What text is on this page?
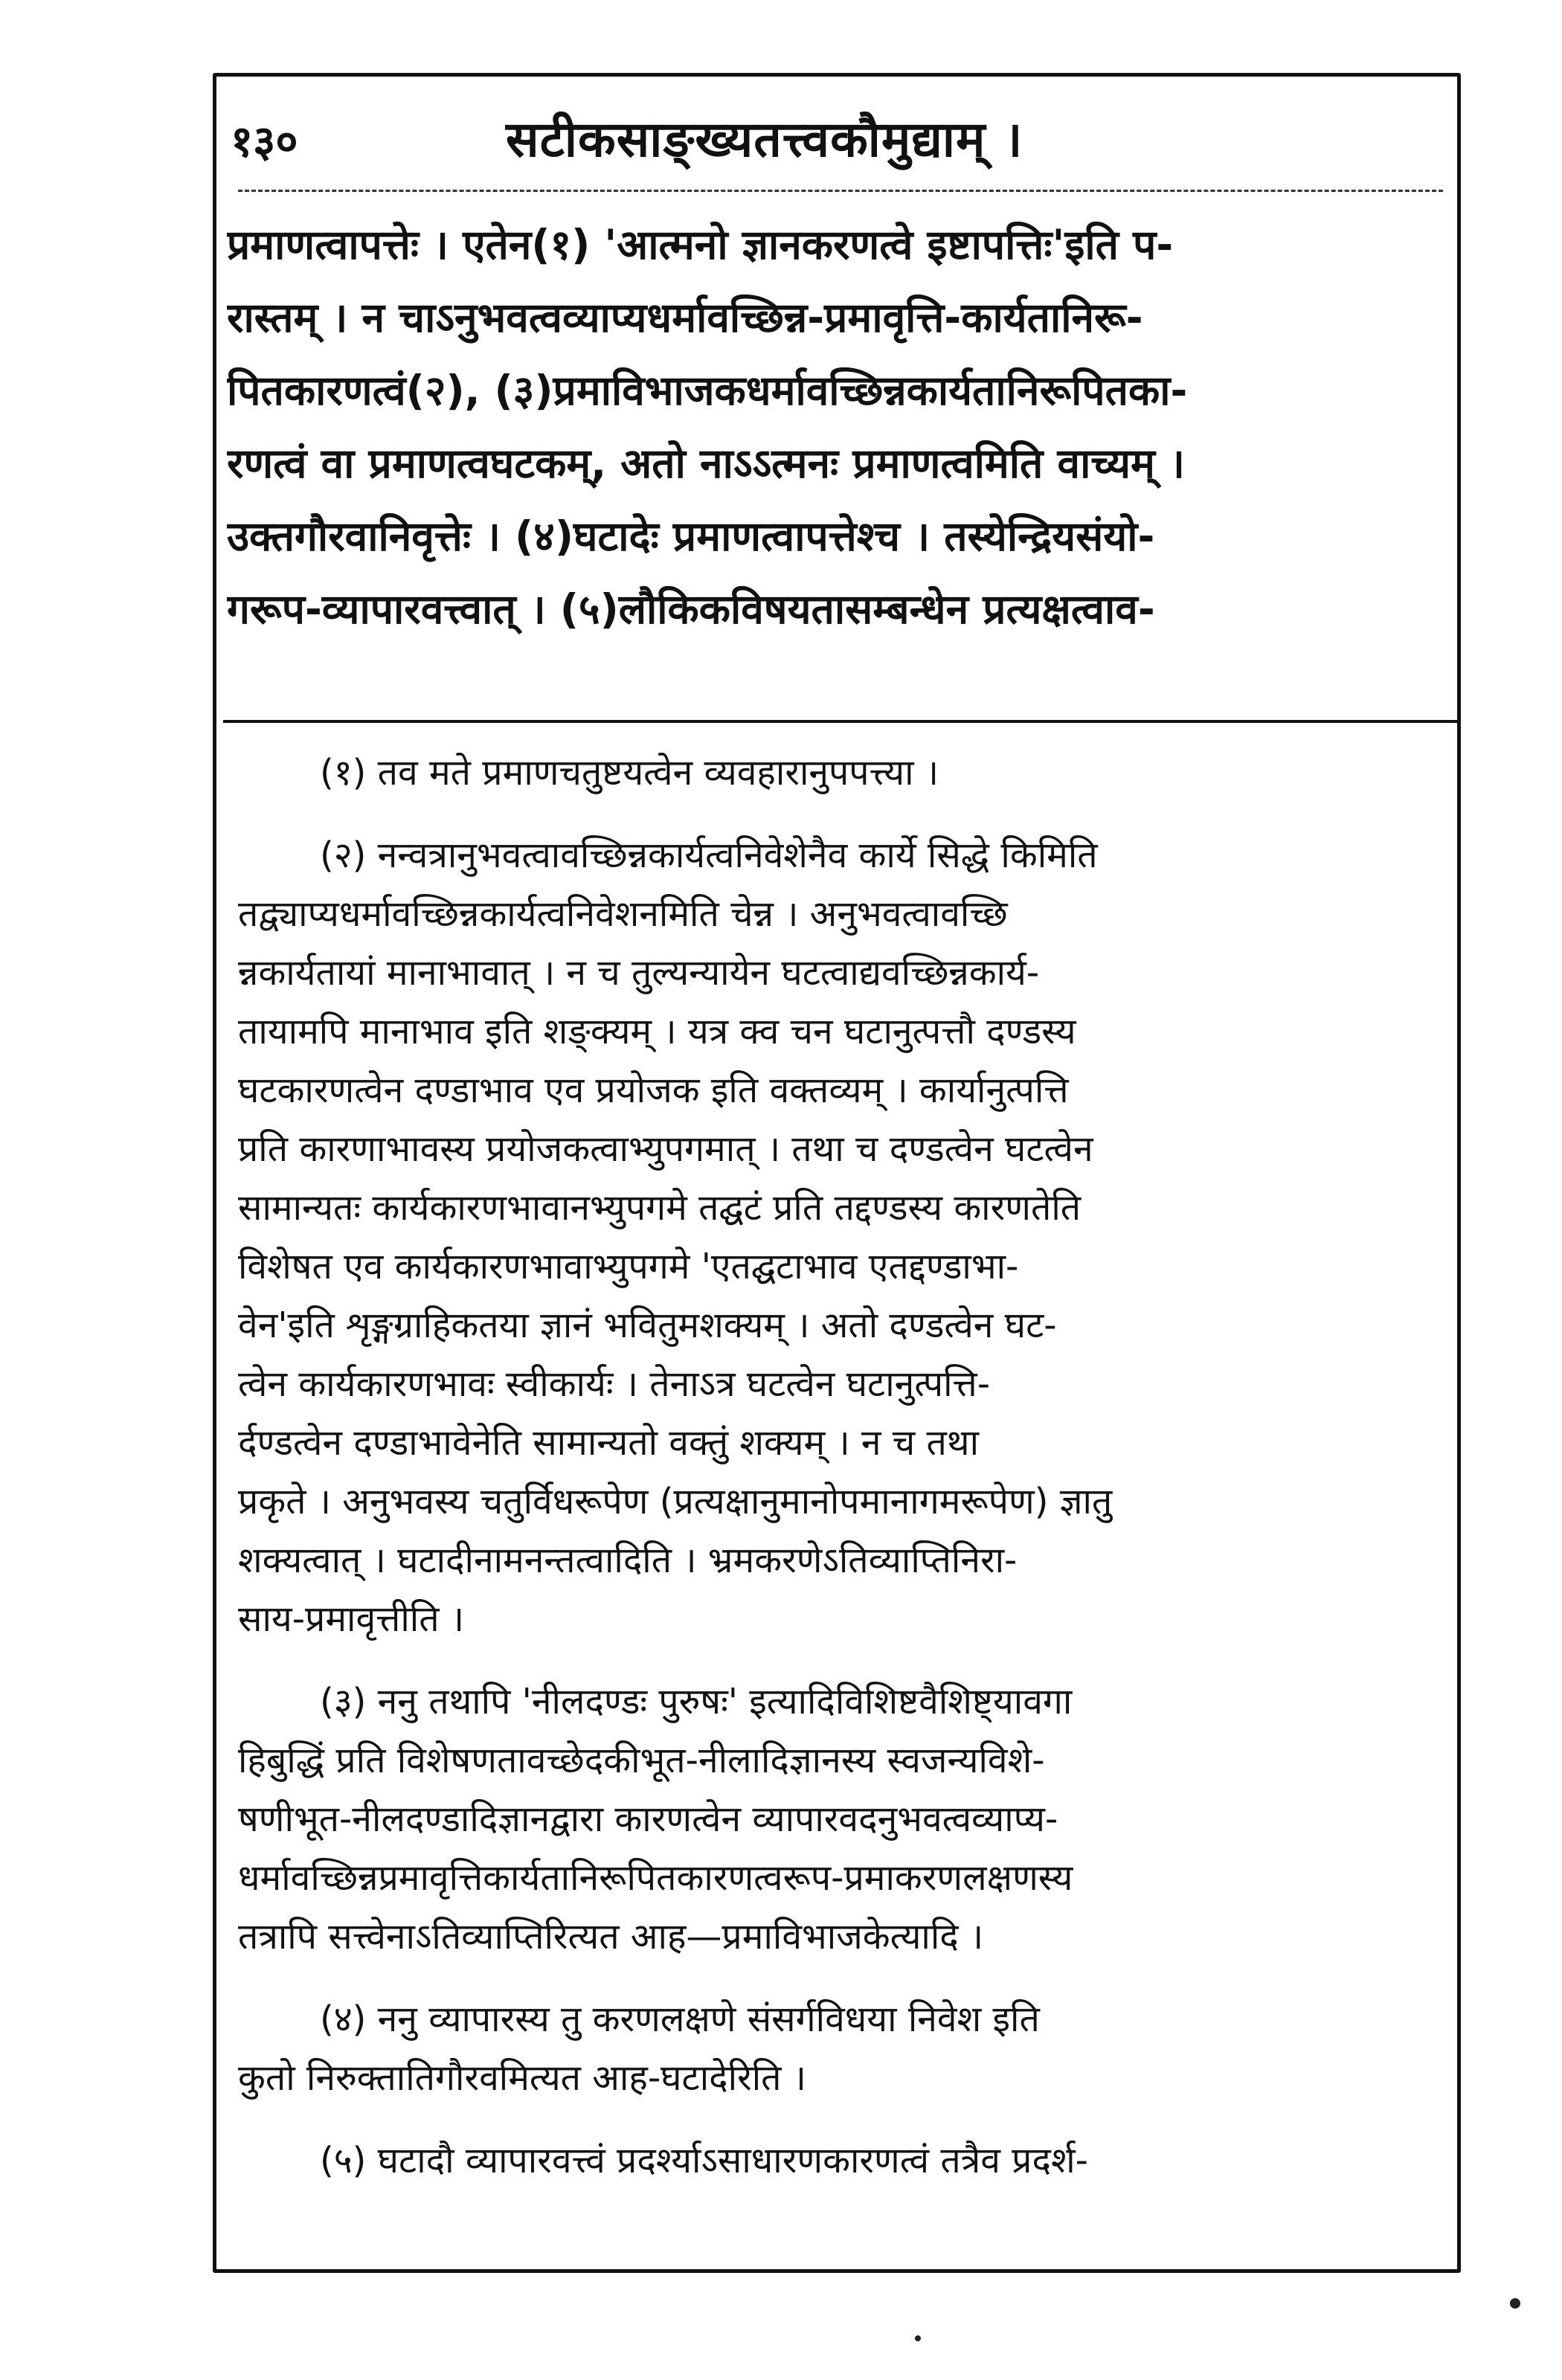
१३०	सटीकसाङ्ख्यतत्त्वकौमुद्याम् ।
प्रमाणत्वापत्तेः । एतेन(१) 'आत्मनो ज्ञानकरणत्वे इष्टापत्तिः'इति प-
रास्तम् । न चाऽनुभवत्वव्याप्यधर्मावच्छिन्न-प्रमावृत्ति-कार्यतानिरू-
पितकारणत्वं(२), (३)प्रमाविभाजकधर्मावच्छिन्नकार्यतानिरूपितका-
रणत्वं वा प्रमाणत्वघटकम्, अतो नाऽऽत्मनः प्रमाणत्वमिति वाच्यम् ।
उक्तगौरवानिवृत्तेः । (४)घटादेः प्रमाणत्वापत्तेश्च । तस्येन्द्रियसंयो-
गरूप-व्यापारवत्त्वात् । (५)लौकिकविषयतासम्बन्धेन प्रत्यक्षत्वाव-
(१) तव मते प्रमाणचतुष्टयत्वेन व्यवहारानुपपत्त्या ।
(२) नन्वत्रानुभवत्वावच्छिन्नकार्यत्वनिवेशेनैव कार्ये सिद्धे किमिति
तद्व्याप्यधर्मावच्छिन्नकार्यत्वनिवेशनमिति चेन्न । अनुभवत्वावच्छि
न्नकार्यतायां मानाभावात् । न च तुल्यन्यायेन घटत्वाद्यवच्छिन्नकार्य-
तायामपि मानाभाव इति शङ्क्यम् । यत्र क्व चन घटानुत्पत्तौ दण्डस्य
घटकारणत्वेन दण्डाभाव एव प्रयोजक इति वक्तव्यम् । कार्यानुत्पत्ति
प्रति कारणाभावस्य प्रयोजकत्वाभ्युपगमात् । तथा च दण्डत्वेन घटत्वेन
सामान्यतः कार्यकारणभावानभ्युपगमे तद्घटं प्रति तद्दण्डस्य कारणतेति
विशेषत एव कार्यकारणभावाभ्युपगमे 'एतद्घटाभाव एतद्दण्डाभा-
वेन'इति शृङ्गग्राहिकतया ज्ञानं भवितुमशक्यम् । अतो दण्डत्वेन घट-
त्वेन कार्यकारणभावः स्वीकार्यः । तेनाऽत्र घटत्वेन घटानुत्पत्ति-
र्दण्डत्वेन दण्डाभावेनेति सामान्यतो वक्तुं शक्यम् । न च तथा
प्रकृते । अनुभवस्य चतुर्विधरूपेण (प्रत्यक्षानुमानोपमानागमरूपेण) ज्ञातु
शक्यत्वात् । घटादीनामनन्तत्वादिति । भ्रमकरणेऽतिव्याप्तिनिरा-
साय-प्रमावृत्तीति ।
(३) ननु तथापि 'नीलदण्डः पुरुषः' इत्यादिविशिष्टवैशिष्ट्यावगा
हिबुद्धिं प्रति विशेषणतावच्छेदकीभूत-नीलादिज्ञानस्य स्वजन्यविशे-
षणीभूत-नीलदण्डादिज्ञानद्वारा कारणत्वेन व्यापारवदनुभवत्वव्याप्य-
धर्मावच्छिन्नप्रमावृत्तिकार्यतानिरूपितकारणत्वरूप-प्रमाकरणलक्षणस्य
तत्रापि सत्त्वेनाऽतिव्याप्तिरित्यत आह—प्रमाविभाजकेत्यादि ।
(४) ननु व्यापारस्य तु करणलक्षणे संसर्गविधया निवेश इति
कुतो निरुक्तातिगौरवमित्यत आह-घटादेरिति ।
(५) घटादौ व्यापारवत्त्वं प्रदर्श्याऽसाधारणकारणत्वं तत्रैव प्रदर्श-
